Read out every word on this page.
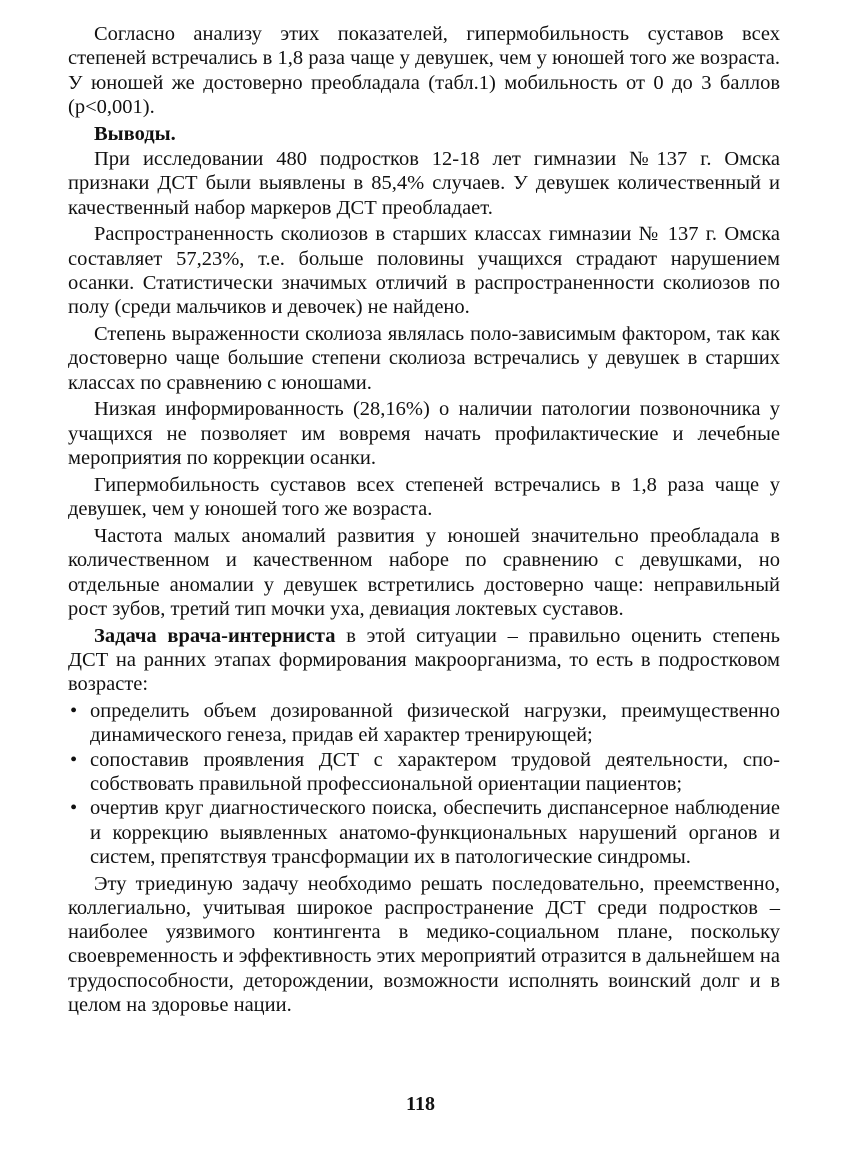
Согласно анализу этих показателей, гипермобильность суставов всех степеней встречались в 1,8 раза чаще у девушек, чем у юношей того же возраста. У юношей же достоверно преобладала (табл.1) мобильность от 0 до 3 баллов (р<0,001).

Выводы.

При исследовании 480 подростков 12-18 лет гимназии №137 г. Омска признаки ДСТ были выявлены в 85,4% случаев. У девушек количественный и качественный набор маркеров ДСТ преобладает.

Распространенность сколиозов в старших классах гимназии № 137 г. Омска составляет 57,23%, т.е. больше половины учащихся страдают нарушением осанки. Статистически значимых отличий в распространенности сколиозов по полу (среди мальчиков и девочек) не найдено.

Степень выраженности сколиоза являлась поло-зависимым фактором, так как достоверно чаще большие степени сколиоза встречались у девушек в старших классах по сравнению с юношами.

Низкая информированность (28,16%) о наличии патологии позвоночника у учащихся не позволяет им вовремя начать профилактические и лечебные мероприятия по коррекции осанки.

Гипермобильность суставов всех степеней встречались в 1,8 раза чаще у девушек, чем у юношей того же возраста.

Частота малых аномалий развития у юношей значительно преобладала в количественном и качественном наборе по сравнению с девушками, но отдельные аномалии у девушек встретились достоверно чаще: неправильный рост зубов, третий тип мочки уха, девиация локтевых суставов.

Задача врача-интерниста в этой ситуации – правильно оценить степень ДСТ на ранних этапах формирования макроорганизма, то есть в подростковом возрасте:

• определить объем дозированной физической нагрузки, преимущественно динамического генеза, придав ей характер тренирующей;
• сопоставив проявления ДСТ с характером трудовой деятельности, способствовать правильной профессиональной ориентации пациентов;
• очертив круг диагностического поиска, обеспечить диспансерное наблюдение и коррекцию выявленных анатомо-функциональных нарушений органов и систем, препятствуя трансформации их в патологические синдромы.

Эту триединую задачу необходимо решать последовательно, преемственно, коллегиально, учитывая широкое распространение ДСТ среди подростков – наиболее уязвимого контингента в медико-социальном плане, поскольку своевременность и эффективность этих мероприятий отразится в дальнейшем на трудоспособности, деторождении, возможности исполнять воинский долг и в целом на здоровье нации.

118
